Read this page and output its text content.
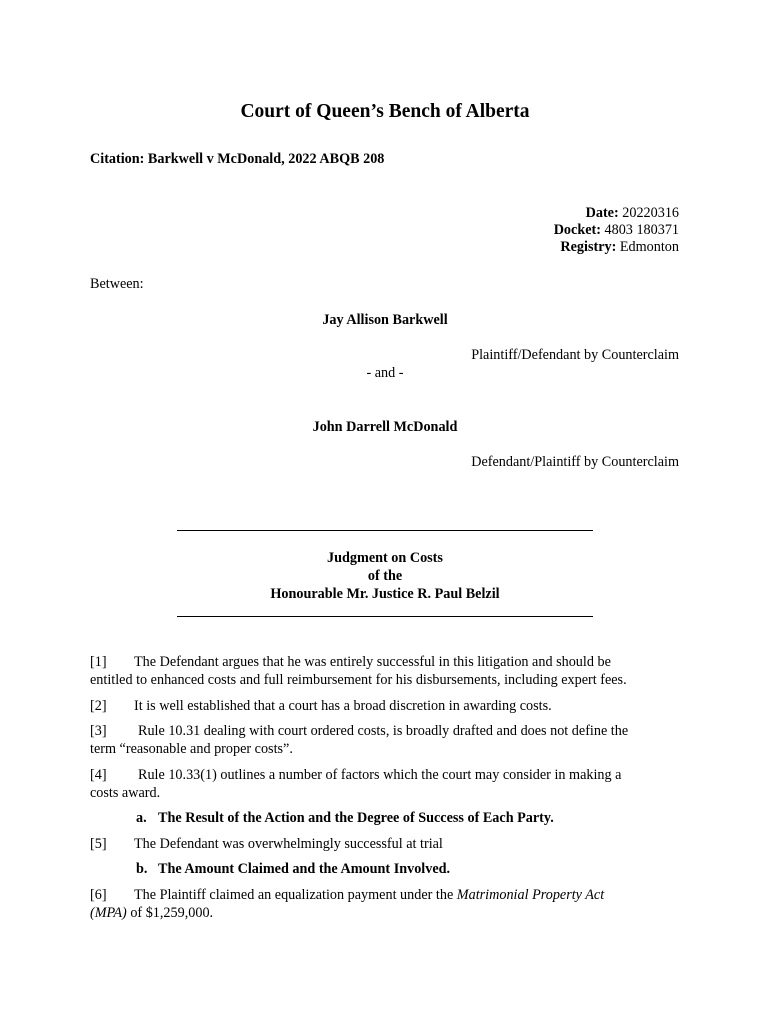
Court of Queen’s Bench of Alberta
Citation: Barkwell v McDonald, 2022 ABQB 208
Date: 20220316
Docket: 4803 180371
Registry: Edmonton
Between:
Jay Allison Barkwell
Plaintiff/Defendant by Counterclaim
- and -
John Darrell McDonald
Defendant/Plaintiff by Counterclaim
Judgment on Costs
of the
Honourable Mr. Justice R. Paul Belzil
[1] The Defendant argues that he was entirely successful in this litigation and should be
entitled to enhanced costs and full reimbursement for his disbursements, including expert fees.
[2] It is well established that a court has a broad discretion in awarding costs.
[3] Rule 10.31 dealing with court ordered costs, is broadly drafted and does not define the
term “reasonable and proper costs”.
[4] Rule 10.33(1) outlines a number of factors which the court may consider in making a
costs award.
a. The Result of the Action and the Degree of Success of Each Party.
[5] The Defendant was overwhelmingly successful at trial
b. The Amount Claimed and the Amount Involved.
[6] The Plaintiff claimed an equalization payment under the Matrimonial Property Act
(MPA) of $1,259,000.
